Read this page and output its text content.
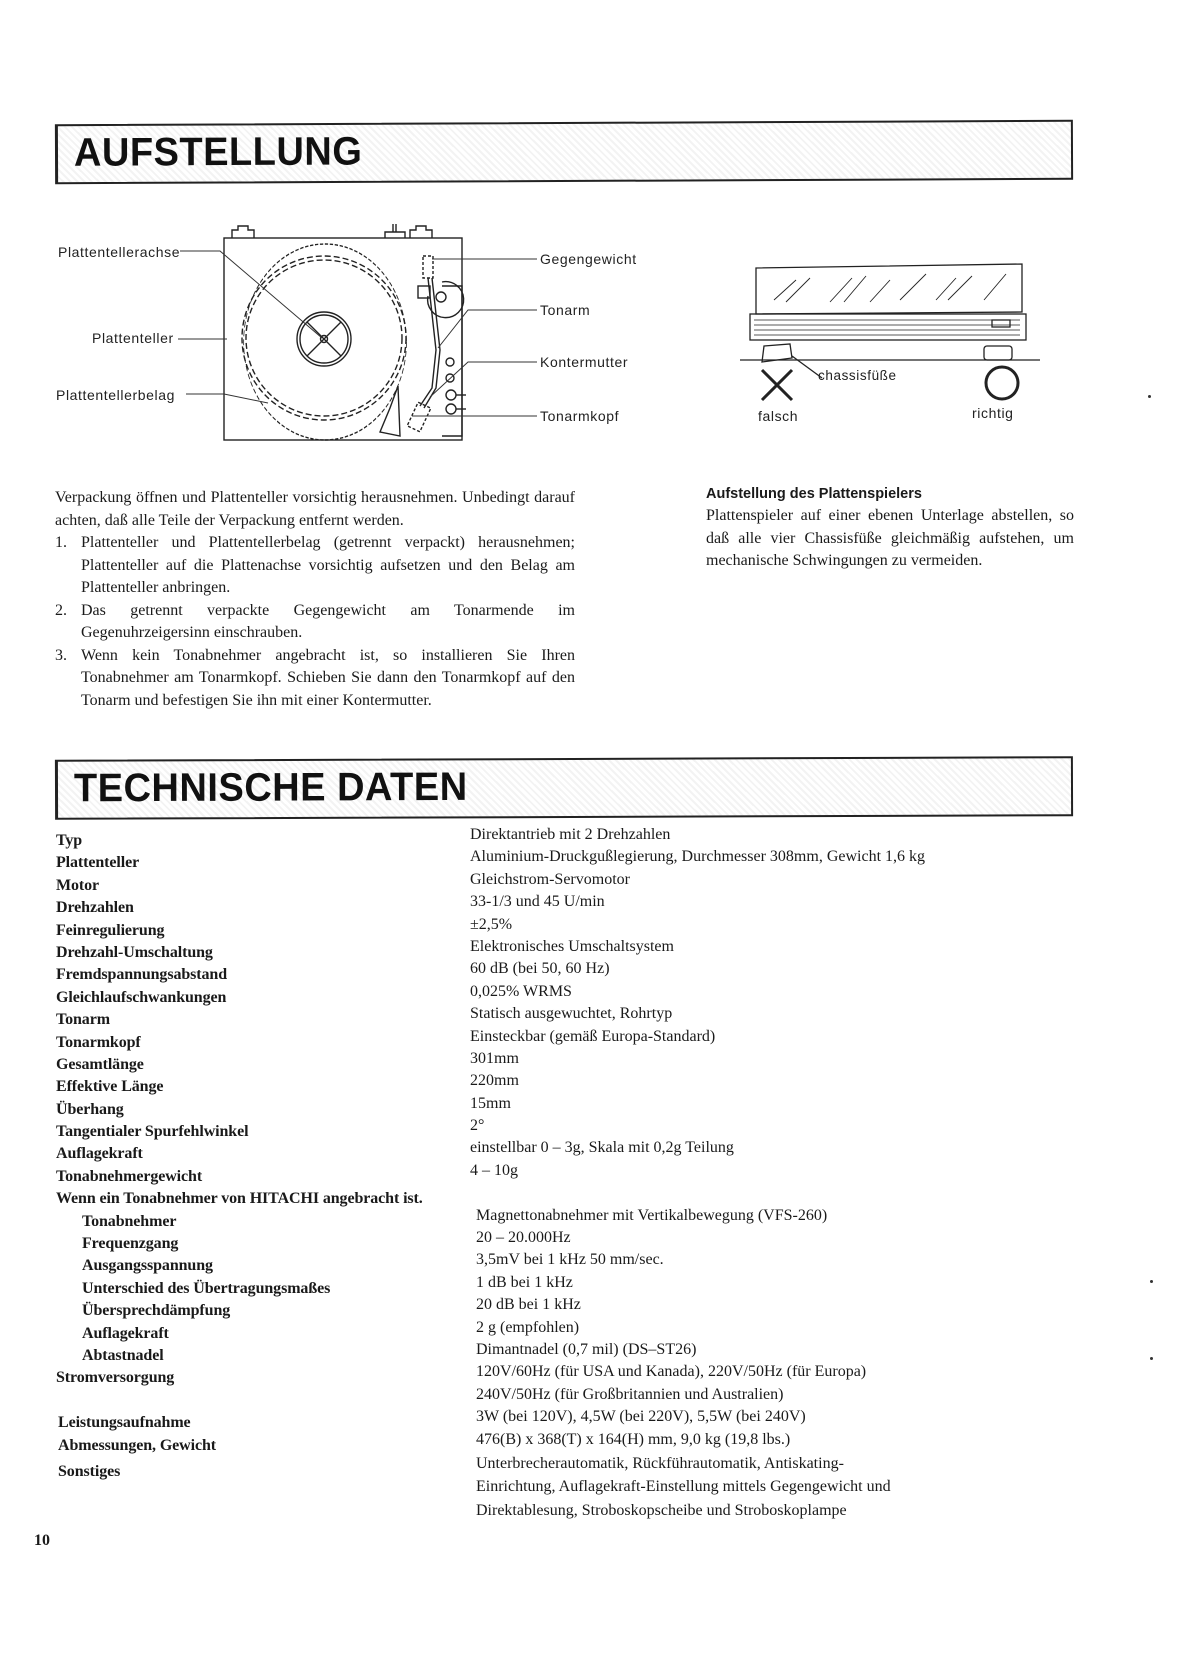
AUFSTELLUNG
Plattentellerachse
Plattenteller
Plattentellerbelag
Gegengewicht
Tonarm
Kontermutter
Tonarmkopf
chassisfüße
falsch	richtig
Verpackung öffnen und Plattenteller vorsichtig herausnehmen. Unbedingt darauf achten, daß alle Teile der Verpackung entfernt werden.
1. Plattenteller und Plattentellerbelag (getrennt verpackt) herausnehmen; Plattenteller auf die Plattenachse vorsichtig aufsetzen und den Belag am Plattenteller anbringen.
2. Das getrennt verpackte Gegengewicht am Tonarmende im Gegenuhrzeigersinn einschrauben.
3. Wenn kein Tonabnehmer angebracht ist, so installieren Sie Ihren Tonabnehmer am Tonarmkopf. Schieben Sie dann den Tonarmkopf auf den Tonarm und befestigen Sie ihn mit einer Kontermutter.
Aufstellung des Plattenspielers
Plattenspieler auf einer ebenen Unterlage abstellen, so daß alle vier Chassisfüße gleichmäßig aufstehen, um mechanische Schwingungen zu vermeiden.
TECHNISCHE DATEN
Typ	Direktantrieb mit 2 Drehzahlen
Plattenteller	Aluminium-Druckgußlegierung, Durchmesser 308mm, Gewicht 1,6 kg
Motor	Gleichstrom-Servomotor
Drehzahlen	33-1/3 und 45 U/min
Feinregulierung	±2,5%
Drehzahl-Umschaltung	Elektronisches Umschaltsystem
Fremdspannungsabstand	60 dB (bei 50, 60 Hz)
Gleichlaufschwankungen	0,025% WRMS
Tonarm	Statisch ausgewuchtet, Rohrtyp
Tonarmkopf	Einsteckbar (gemäß Europa-Standard)
Gesamtlänge	301mm
Effektive Länge	220mm
Überhang	15mm
Tangentialer Spurfehlwinkel	2°
Auflagekraft	einstellbar 0 – 3g, Skala mit 0,2g Teilung
Tonabnehmergewicht	4 – 10g
Wenn ein Tonabnehmer von HITACHI angebracht ist.
Tonabnehmer	Magnettonabnehmer mit Vertikalbewegung (VFS-260)
Frequenzgang	20 – 20.000Hz
Ausgangsspannung	3,5mV bei 1 kHz 50 mm/sec.
Unterschied des Übertragungsmaßes	1 dB bei 1 kHz
Übersprechdämpfung	20 dB bei 1 kHz
Auflagekraft	2 g (empfohlen)
Abtastnadel	Dimantnadel (0,7 mil) (DS–ST26)
Stromversorgung	120V/60Hz (für USA und Kanada), 220V/50Hz (für Europa)
240V/50Hz (für Großbritannien und Australien)
Leistungsaufnahme	3W (bei 120V), 4,5W (bei 220V), 5,5W (bei 240V)
Abmessungen, Gewicht	476(B) x 368(T) x 164(H) mm, 9,0 kg (19,8 lbs.)
Sonstiges	Unterbrecherautomatik, Rückführautomatik, Antiskating-
Einrichtung, Auflagekraft-Einstellung mittels Gegengewicht und
Direktablesung, Stroboskopscheibe und Stroboskoplampe
10
